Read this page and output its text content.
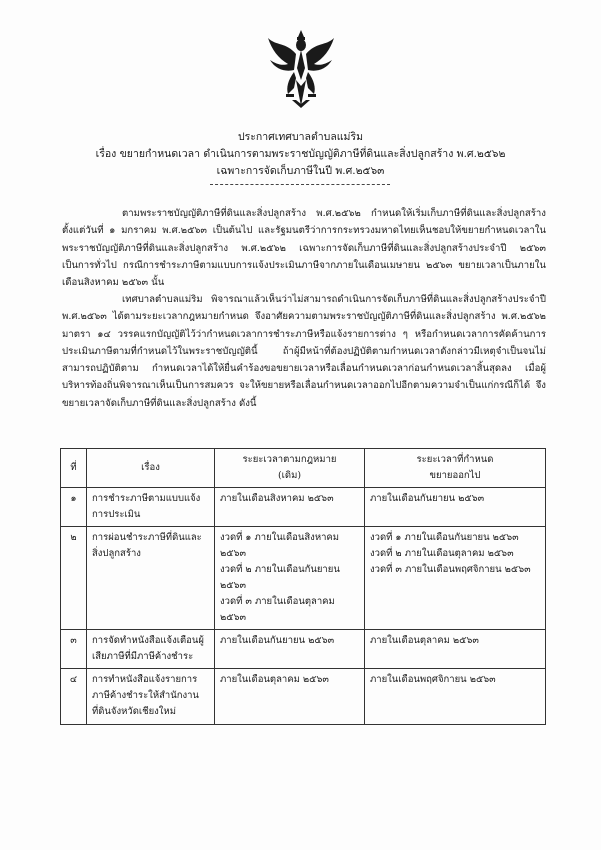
ประกาศเทศบาลตำบลแม่ริม
เรื่อง ขยายกำหนดเวลา ดำเนินการตามพระราชบัญญัติภาษีที่ดินและสิ่งปลูกสร้าง พ.ศ.๒๕๖๒
เฉพาะการจัดเก็บภาษีในปี พ.ศ.๒๕๖๓

ตามพระราชบัญญัติภาษีที่ดินและสิ่งปลูกสร้าง พ.ศ.๒๕๖๒ กำหนดให้เริ่มเก็บภาษีที่ดินและสิ่งปลูกสร้างตั้งแต่วันที่ ๑ มกราคม พ.ศ.๒๕๖๓ เป็นต้นไป และรัฐมนตรีว่าการกระทรวงมหาดไทยเห็นชอบให้ขยายกำหนดเวลาในพระราชบัญญัติภาษีที่ดินและสิ่งปลูกสร้าง พ.ศ.๒๕๖๒ เฉพาะการจัดเก็บภาษีที่ดินและสิ่งปลูกสร้างประจำปี ๒๕๖๓ เป็นการทั่วไป กรณีการชำระภาษีตามแบบการแจ้งประเมินภาษีจากภายในเดือนเมษายน ๒๕๖๓ ขยายเวลาเป็นภายในเดือนสิงหาคม ๒๕๖๓ นั้น

เทศบาลตำบลแม่ริม พิจารณาแล้วเห็นว่าไม่สามารถดำเนินการจัดเก็บภาษีที่ดินและสิ่งปลูกสร้างประจำปี พ.ศ.๒๕๖๓ ได้ตามระยะเวลากฎหมายกำหนด จึงอาศัยความตามพระราชบัญญัติภาษีที่ดินและสิ่งปลูกสร้าง พ.ศ.๒๕๖๒ มาตรา ๑๔ วรรคแรกบัญญัติไว้ว่ากำหนดเวลาการชำระภาษีหรือแจ้งรายการต่าง ๆ หรือกำหนดเวลาการคัดค้านการประเมินภาษีตามที่กำหนดไว้ในพระราชบัญญัตินี้ ถ้าผู้มีหน้าที่ต้องปฏิบัติตามกำหนดเวลาดังกล่าวมีเหตุจำเป็นจนไม่สามารถปฏิบัติตาม กำหนดเวลาได้ให้ยื่นคำร้องขอขยายเวลาหรือเลื่อนกำหนดเวลาก่อนกำหนดเวลาสิ้นสุดลง เมื่อผู้บริหารท้องถิ่นพิจารณาเห็นเป็นการสมควร จะให้ขยายหรือเลื่อนกำหนดเวลาออกไปอีกตามความจำเป็นแก่กรณีก็ได้ จึงขยายเวลาจัดเก็บภาษีที่ดินและสิ่งปลูกสร้าง ดังนี้

ที่	เรื่อง	ระยะเวลาตามกฎหมาย
(เดิม)	ระยะเวลาที่กำหนด
ขยายออกไป

๑	การชำระภาษีตามแบบแจ้งการประเมิน	ภายในเดือนสิงหาคม ๒๕๖๓	ภายในเดือนกันยายน ๒๕๖๓

๒	การผ่อนชำระภาษีที่ดินและสิ่งปลูกสร้าง	งวดที่ ๑ ภายในเดือนสิงหาคม ๒๕๖๓
งวดที่ ๒ ภายในเดือนกันยายน ๒๕๖๓
งวดที่ ๓ ภายในเดือนตุลาคม ๒๕๖๓	งวดที่ ๑ ภายในเดือนกันยายน ๒๕๖๓
งวดที่ ๒ ภายในเดือนตุลาคม ๒๕๖๓
งวดที่ ๓ ภายในเดือนพฤศจิกายน ๒๕๖๓

๓	การจัดทำหนังสือแจ้งเตือนผู้เสียภาษีที่มีภาษีค้างชำระ	ภายในเดือนกันยายน ๒๕๖๓	ภายในเดือนตุลาคม ๒๕๖๓

๔	การทำหนังสือแจ้งรายการภาษีค้างชำระให้สำนักงานที่ดินจังหวัดเชียงใหม่	ภายในเดือนตุลาคม ๒๕๖๓	ภายในเดือนพฤศจิกายน ๒๕๖๓
